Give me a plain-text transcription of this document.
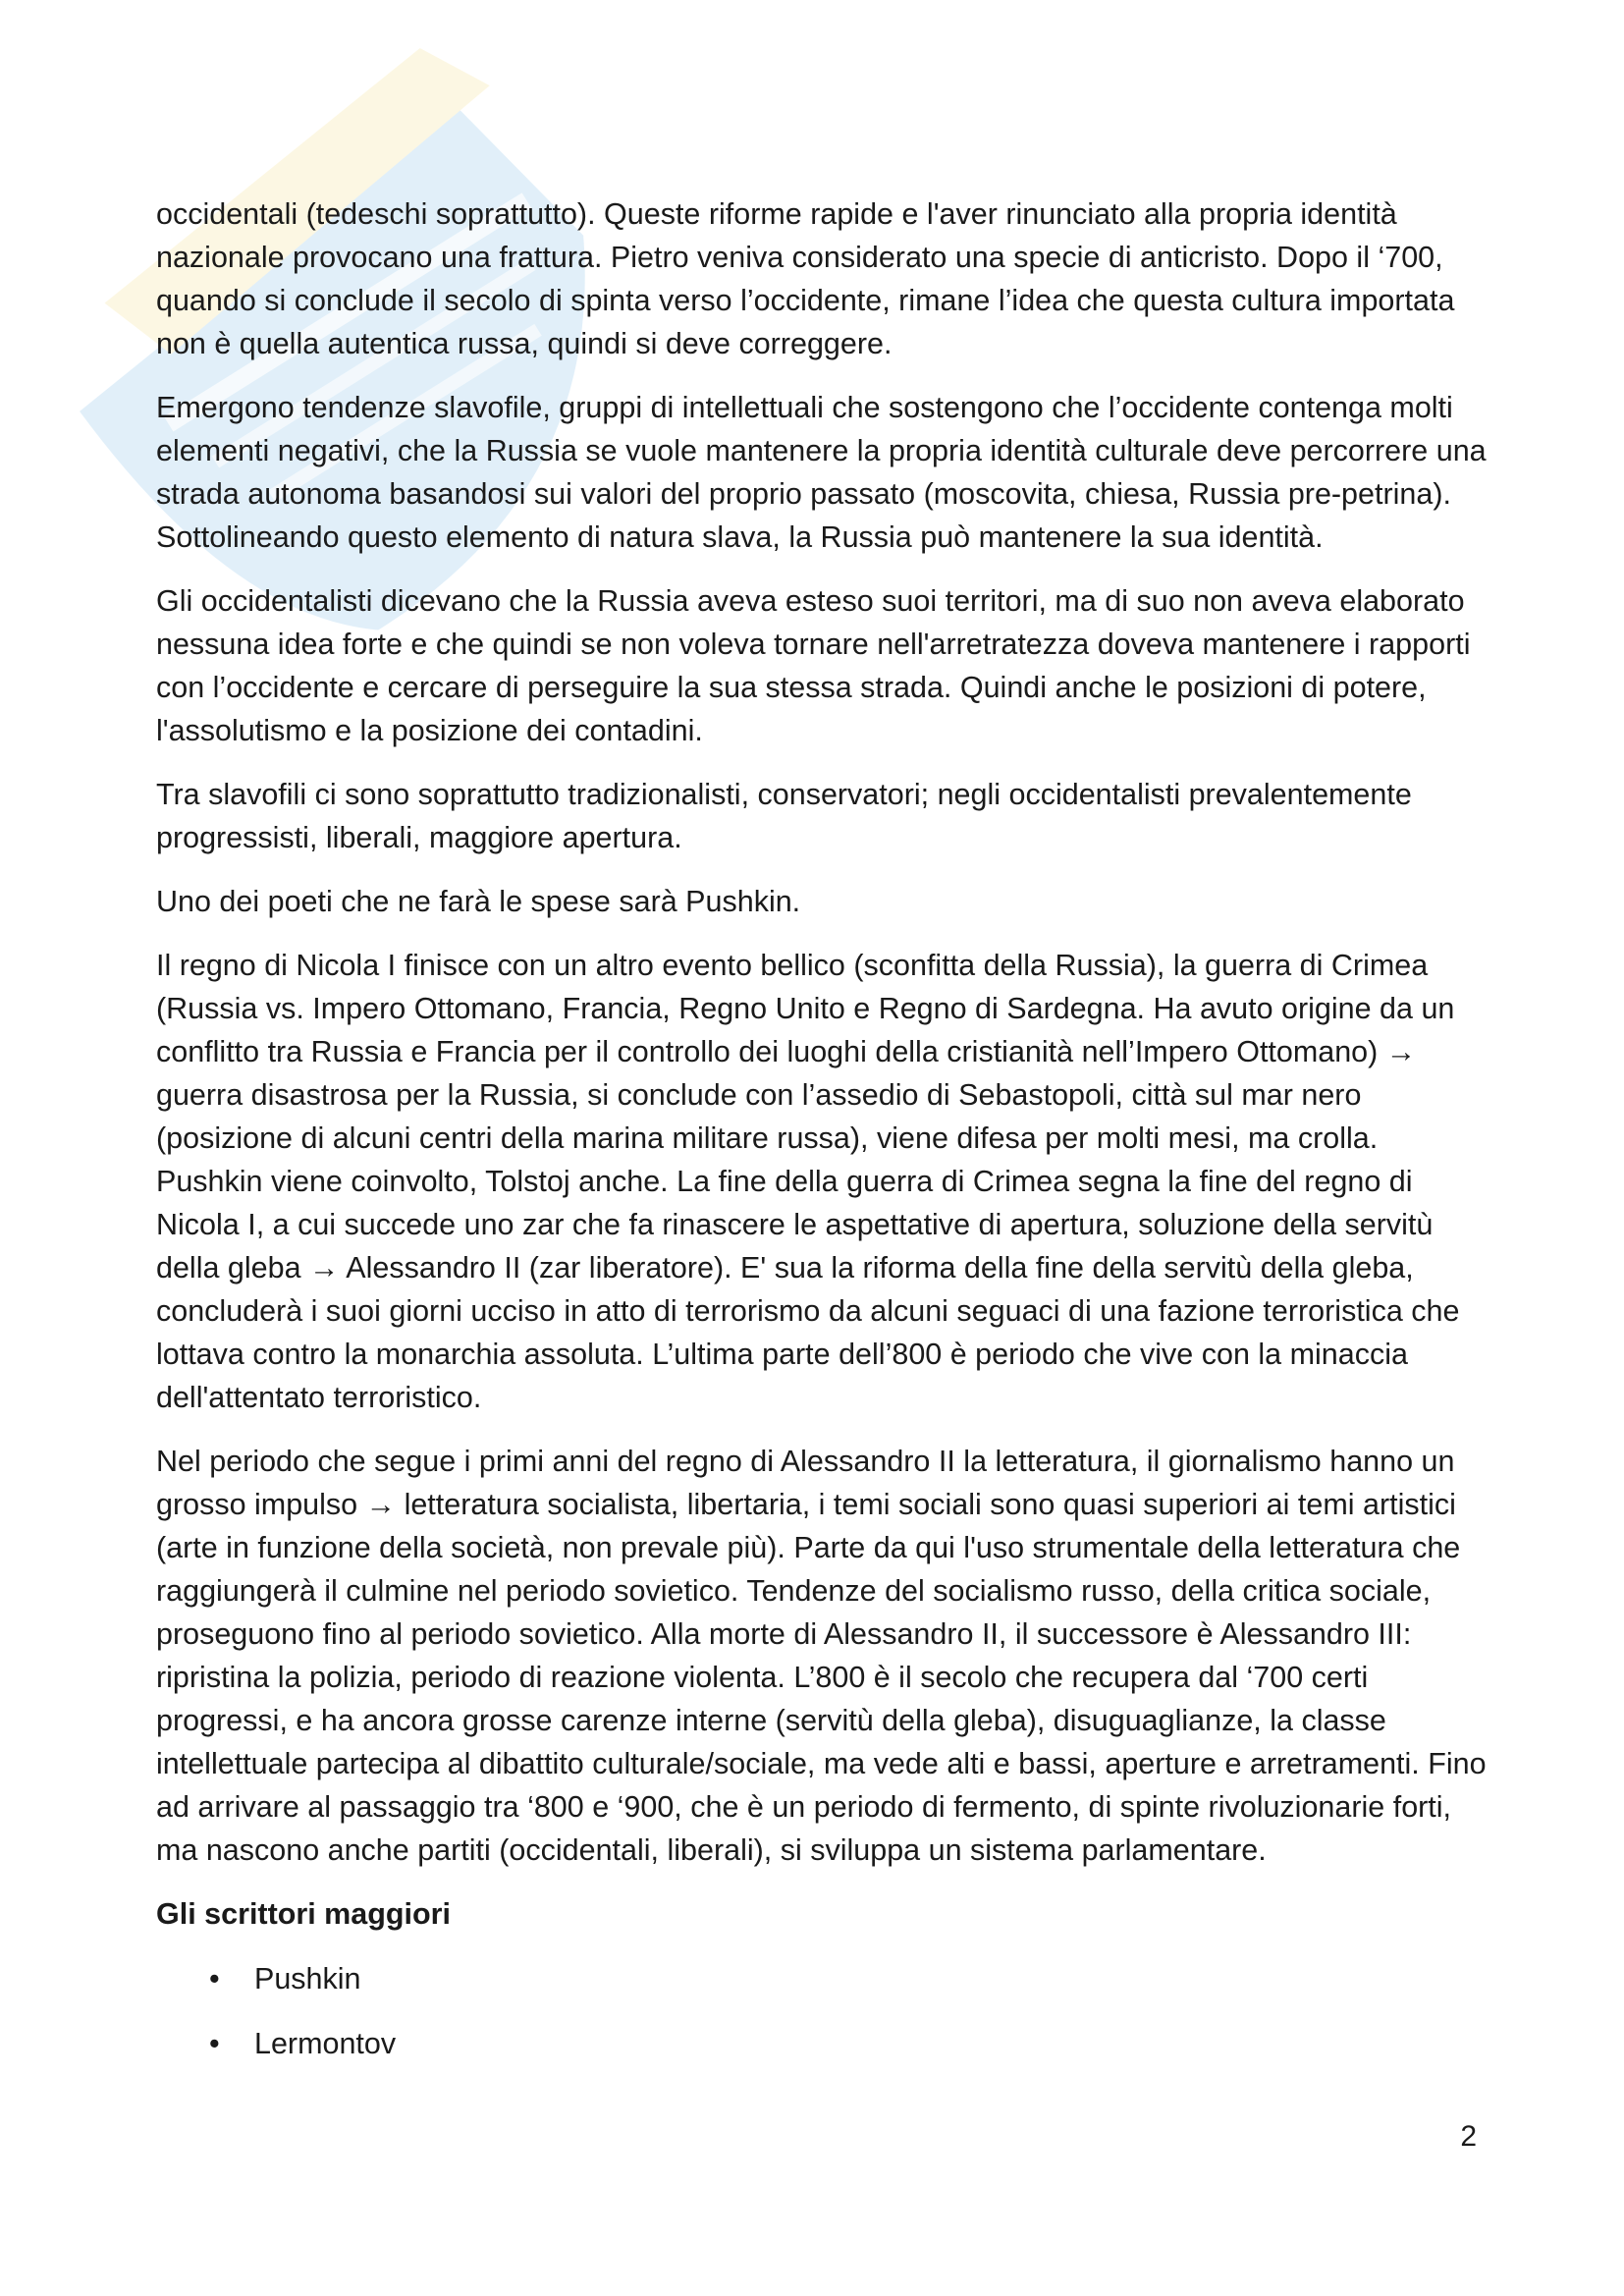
occidentali (tedeschi soprattutto). Queste riforme rapide e l'aver rinunciato alla propria identità nazionale provocano una frattura. Pietro veniva considerato una specie di anticristo. Dopo il ‘700, quando si conclude il secolo di spinta verso l’occidente, rimane l’idea che questa cultura importata non è quella autentica russa, quindi si deve correggere.

Emergono tendenze slavofile, gruppi di intellettuali che sostengono che l’occidente contenga molti elementi negativi, che la Russia se vuole mantenere la propria identità culturale deve percorrere una strada autonoma basandosi sui valori del proprio passato (moscovita, chiesa, Russia pre-petrina). Sottolineando questo elemento di natura slava, la Russia può mantenere la sua identità.

Gli occidentalisti dicevano che la Russia aveva esteso suoi territori, ma di suo non aveva elaborato nessuna idea forte e che quindi se non voleva tornare nell'arretratezza doveva mantenere i rapporti con l’occidente e cercare di perseguire la sua stessa strada. Quindi anche le posizioni di potere, l'assolutismo e la posizione dei contadini.

Tra slavofili ci sono soprattutto tradizionalisti, conservatori; negli occidentalisti prevalentemente progressisti, liberali, maggiore apertura.

Uno dei poeti che ne farà le spese sarà Pushkin.

Il regno di Nicola I finisce con un altro evento bellico (sconfitta della Russia), la guerra di Crimea (Russia vs. Impero Ottomano, Francia, Regno Unito e Regno di Sardegna. Ha avuto origine da un conflitto tra Russia e Francia per il controllo dei luoghi della cristianità nell’Impero Ottomano) → guerra disastrosa per la Russia, si conclude con l’assedio di Sebastopoli, città sul mar nero (posizione di alcuni centri della marina militare russa), viene difesa per molti mesi, ma crolla. Pushkin viene coinvolto, Tolstoj anche. La fine della guerra di Crimea segna la fine del regno di Nicola I, a cui succede uno zar che fa rinascere le aspettative di apertura, soluzione della servitù della gleba → Alessandro II (zar liberatore). E' sua la riforma della fine della servitù della gleba, concluderà i suoi giorni ucciso in atto di terrorismo da alcuni seguaci di una fazione terroristica che lottava contro la monarchia assoluta. L’ultima parte dell’800 è periodo che vive con la minaccia dell'attentato terroristico.

Nel periodo che segue i primi anni del regno di Alessandro II la letteratura, il giornalismo hanno un grosso impulso → letteratura socialista, libertaria, i temi sociali sono quasi superiori ai temi artistici (arte in funzione della società, non prevale più). Parte da qui l'uso strumentale della letteratura che raggiungerà il culmine nel periodo sovietico. Tendenze del socialismo russo, della critica sociale, proseguono fino al periodo sovietico. Alla morte di Alessandro II, il successore è Alessandro III: ripristina la polizia, periodo di reazione violenta. L’800 è il secolo che recupera dal ‘700 certi progressi, e ha ancora grosse carenze interne (servitù della gleba), disuguaglianze, la classe intellettuale partecipa al dibattito culturale/sociale, ma vede alti e bassi, aperture e arretramenti. Fino ad arrivare al passaggio tra ‘800 e ‘900, che è un periodo di fermento, di spinte rivoluzionarie forti, ma nascono anche partiti (occidentali, liberali), si sviluppa un sistema parlamentare.

Gli scrittori maggiori
• Pushkin
• Lermontov
2
